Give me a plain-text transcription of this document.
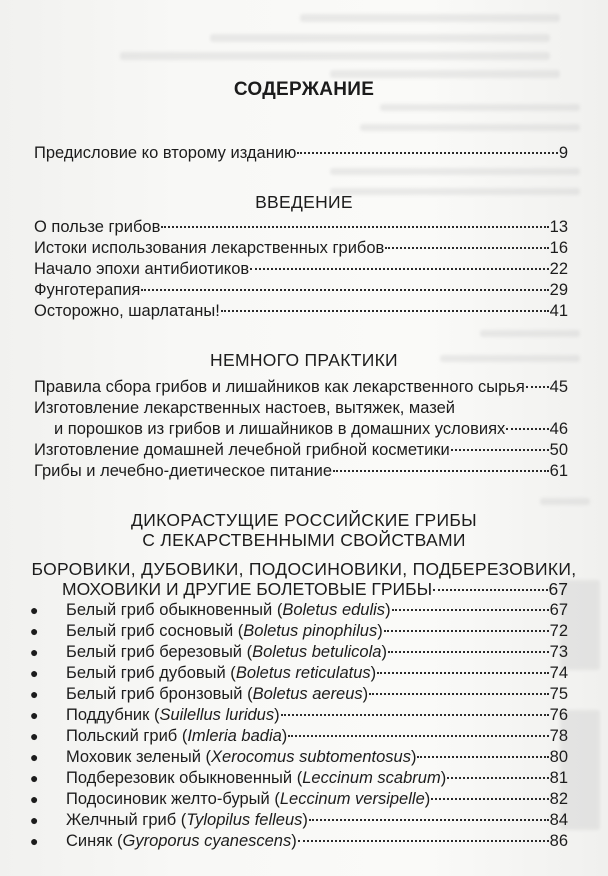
СОДЕРЖАНИЕ
Предисловие ко второму изданию	9
ВВЕДЕНИЕ
О пользе грибов	13
Истоки использования лекарственных грибов	16
Начало эпохи антибиотиков	22
Фунготерапия	29
Осторожно, шарлатаны!	41
НЕМНОГО ПРАКТИКИ
Правила сбора грибов и лишайников как лекарственного сырья 45
Изготовление лекарственных настоев, вытяжек, мазей
и порошков из грибов и лишайников в домашних условиях	46
Изготовление домашней лечебной грибной косметики	50
Грибы и лечебно-диетическое питание	61
ДИКОРАСТУЩИЕ РОССИЙСКИЕ ГРИБЫ
С ЛЕКАРСТВЕННЫМИ СВОЙСТВАМИ
БОРОВИКИ, ДУБОВИКИ, ПОДОСИНОВИКИ, ПОДБЕРЕЗОВИКИ,
МОХОВИКИ И ДРУГИЕ БОЛЕТОВЫЕ ГРИБЫ	67
● Белый гриб обыкновенный (Boletus edulis)	67
● Белый гриб сосновый (Boletus pinophilus)	72
● Белый гриб березовый (Boletus betulicola)	73
● Белый гриб дубовый (Boletus reticulatus)	74
● Белый гриб бронзовый (Boletus aereus)	75
● Поддубник (Suilellus luridus)	76
● Польский гриб (Imleria badia)	78
● Моховик зеленый (Xerocomus subtomentosus)	80
● Подберезовик обыкновенный (Leccinum scabrum)	81
● Подосиновик желто-бурый (Leccinum versipelle)	82
● Желчный гриб (Tylopilus felleus)	84
● Синяк (Gyroporus cyanescens)	86
